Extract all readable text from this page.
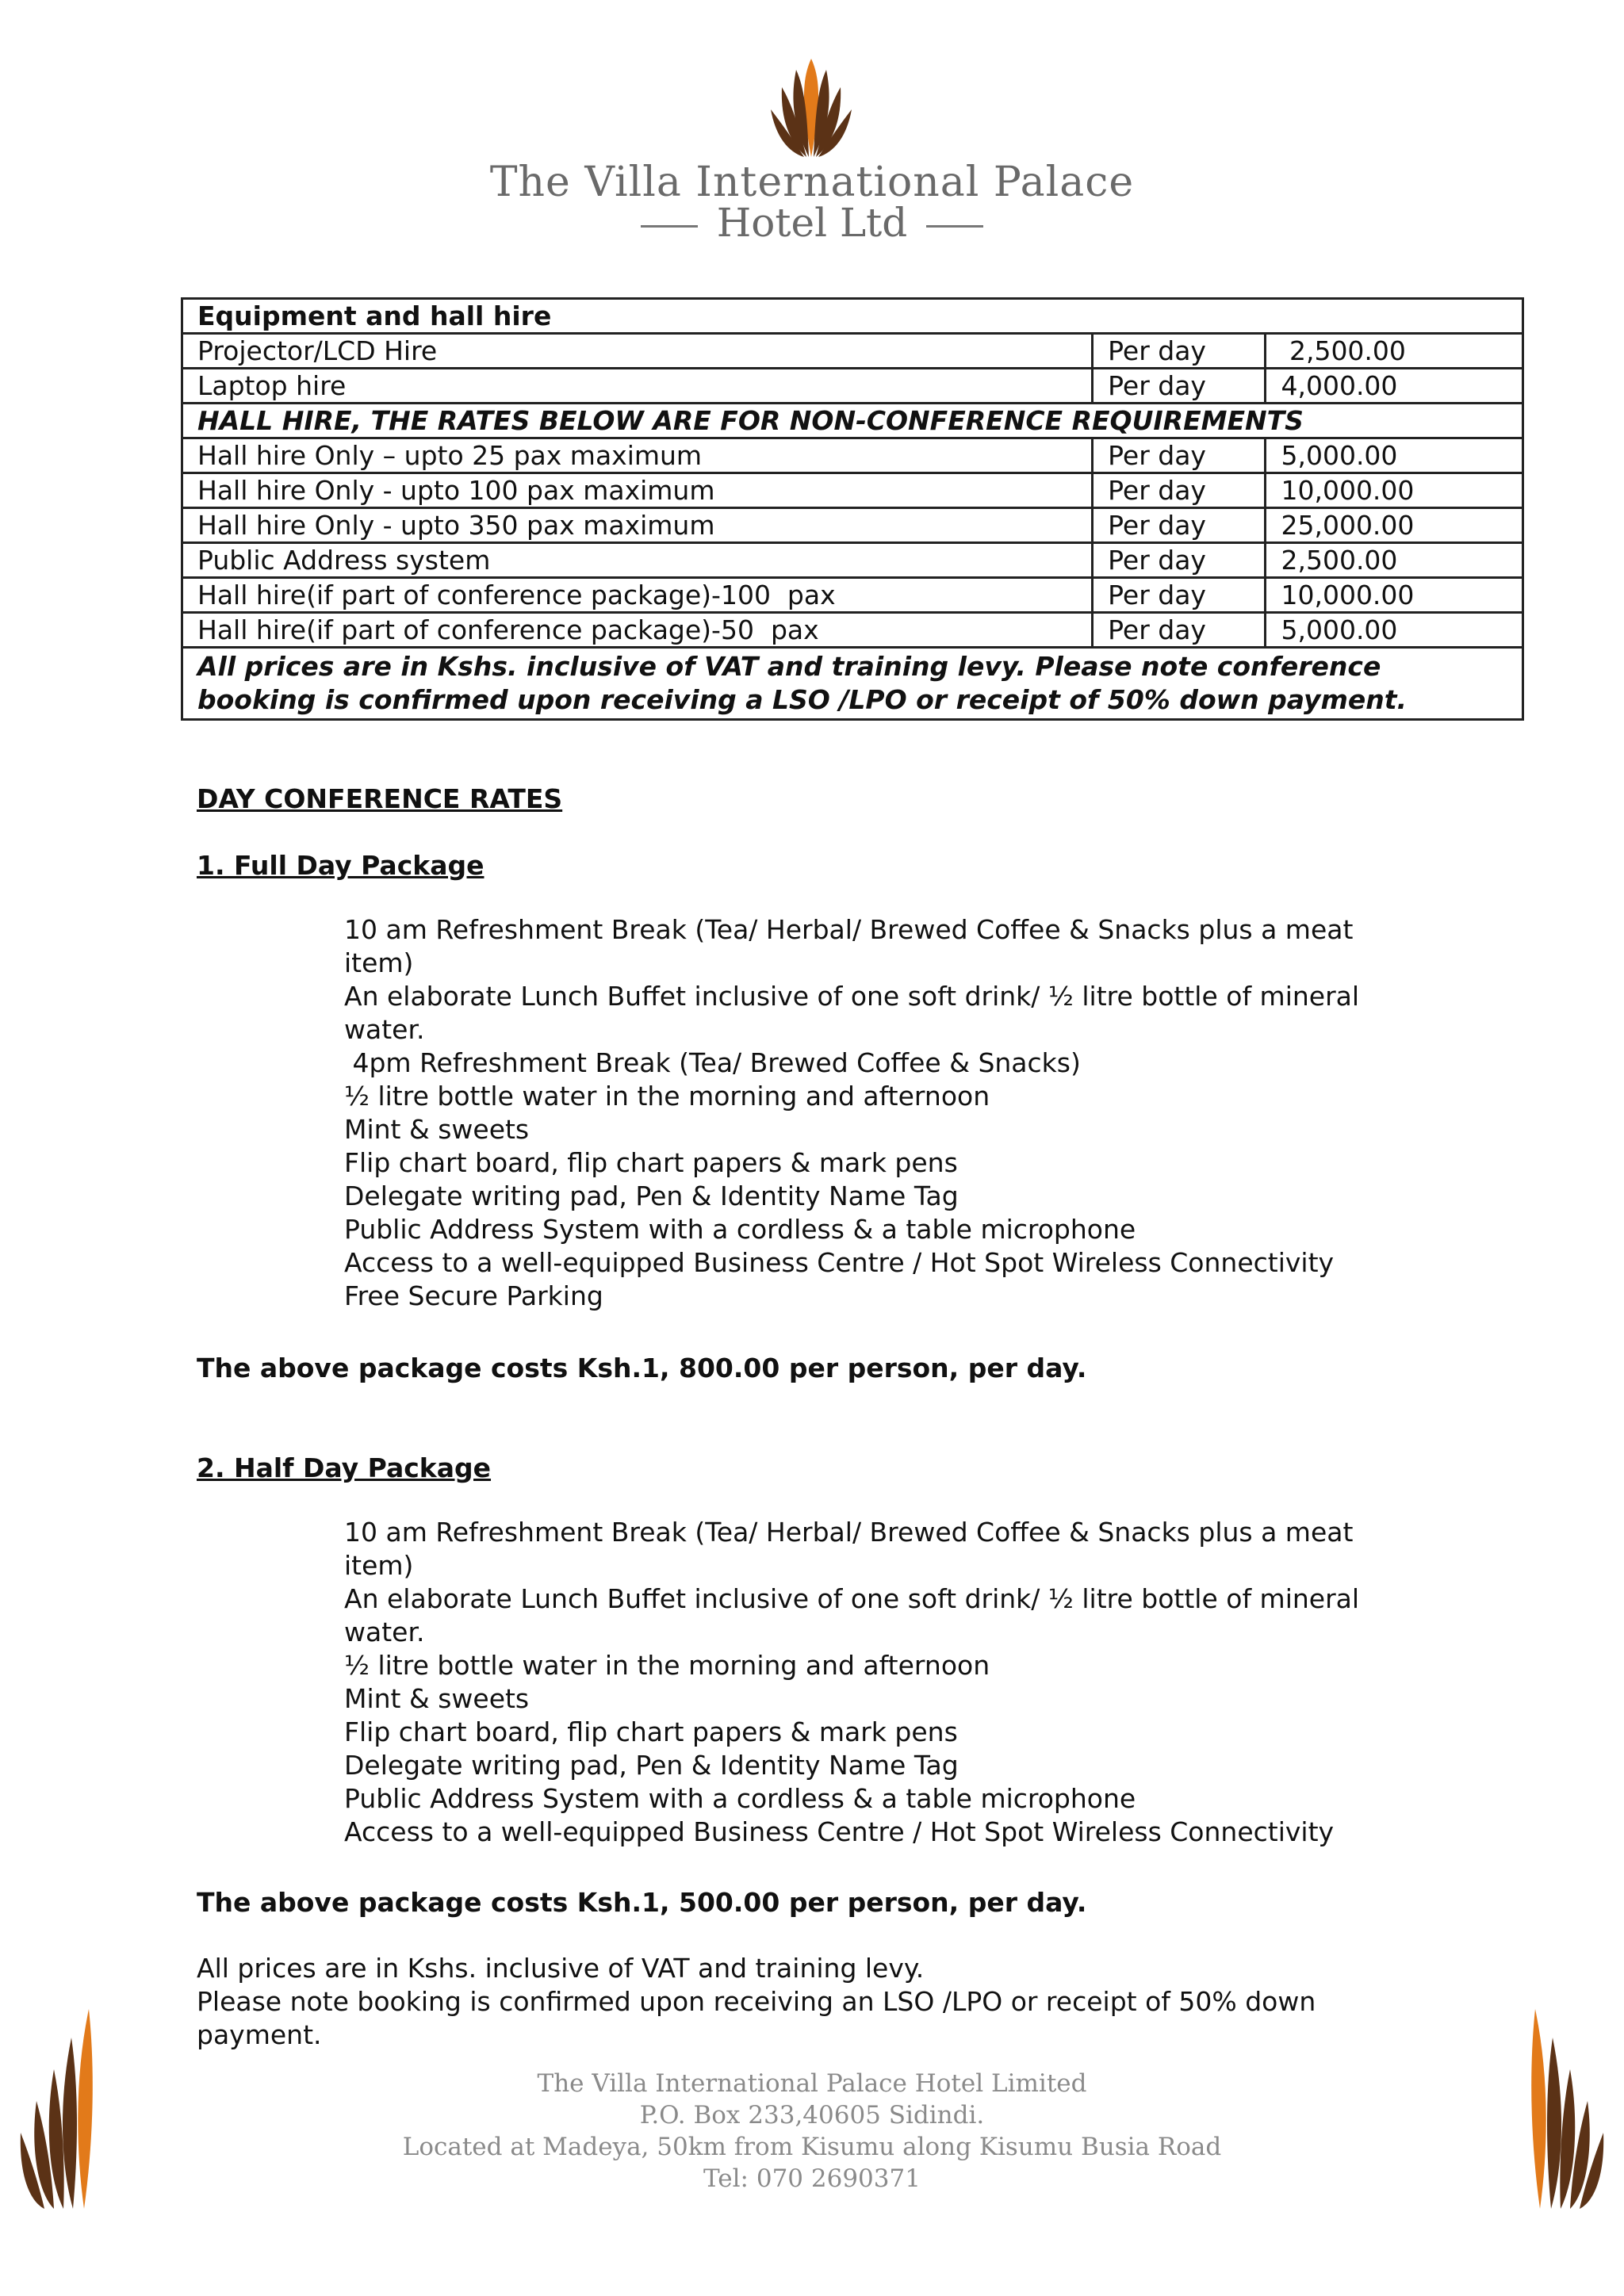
The Villa International Palace
Hotel Ltd
Equipment and hall hire		
Projector/LCD Hire	Per day	2,500.00
Laptop hire	Per day	4,000.00
HALL HIRE, THE RATES BELOW ARE FOR NON-CONFERENCE REQUIREMENTS		
Hall hire Only – upto 25 pax maximum	Per day	5,000.00
Hall hire Only - upto 100 pax maximum	Per day	10,000.00
Hall hire Only - upto 350 pax maximum	Per day	25,000.00
Public Address system	Per day	2,500.00
Hall hire(if part of conference package)-100  pax	Per day	10,000.00
Hall hire(if part of conference package)-50  pax	Per day	5,000.00
All prices are in Kshs. inclusive of VAT and training levy. Please note conference booking is confirmed upon receiving a LSO /LPO or receipt of 50% down payment.		
DAY CONFERENCE RATES
1. Full Day Package
10 am Refreshment Break (Tea/ Herbal/ Brewed Coffee & Snacks plus a meat item)
An elaborate Lunch Buffet inclusive of one soft drink/ ½ litre bottle of mineral water.
4pm Refreshment Break (Tea/ Brewed Coffee & Snacks)
½ litre bottle water in the morning and afternoon
Mint & sweets
Flip chart board, flip chart papers & mark pens
Delegate writing pad, Pen & Identity Name Tag
Public Address System with a cordless & a table microphone
Access to a well-equipped Business Centre / Hot Spot Wireless Connectivity
Free Secure Parking
The above package costs Ksh.1, 800.00 per person, per day.
2. Half Day Package
10 am Refreshment Break (Tea/ Herbal/ Brewed Coffee & Snacks plus a meat item)
An elaborate Lunch Buffet inclusive of one soft drink/ ½ litre bottle of mineral water.
½ litre bottle water in the morning and afternoon
Mint & sweets
Flip chart board, flip chart papers & mark pens
Delegate writing pad, Pen & Identity Name Tag
Public Address System with a cordless & a table microphone
Access to a well-equipped Business Centre / Hot Spot Wireless Connectivity
The above package costs Ksh.1, 500.00 per person, per day.

All prices are in Kshs. inclusive of VAT and training levy.

Please note booking is confirmed upon receiving an LSO /LPO or receipt of 50% down payment.

The Villa International Palace Hotel Limited
P.O. Box 233,40605 Sidindi.
Located at Madeya, 50km from Kisumu along Kisumu Busia Road
Tel: 070 2690371
